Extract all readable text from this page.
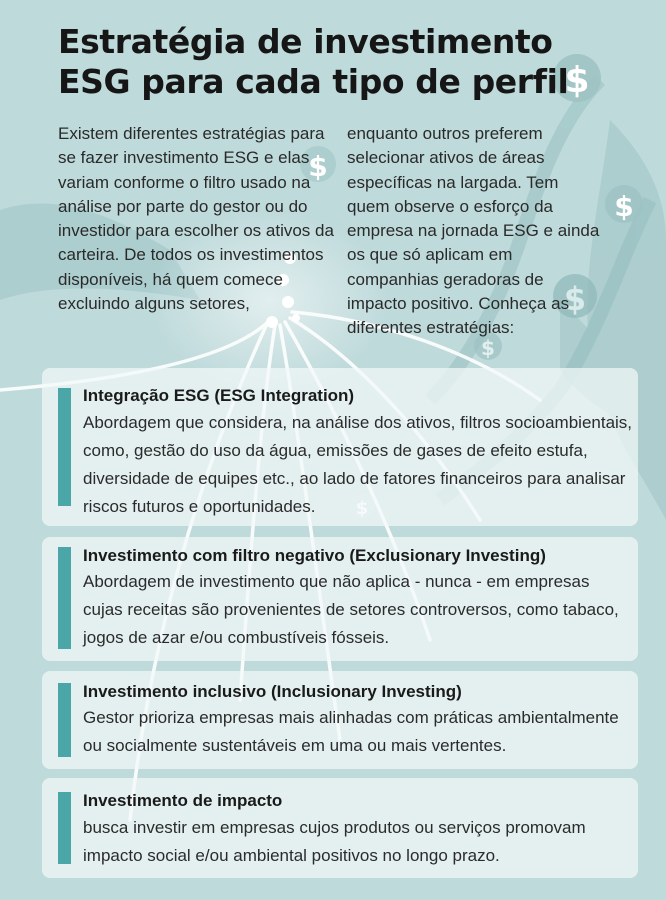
$
$
$
$
$
Estratégia de investimento ESG para cada tipo de perfil

Existem diferentes estratégias para se fazer investimento ESG e elas variam conforme o filtro usado na análise por parte do gestor ou do investidor para escolher os ativos da carteira. De todos os investimentos disponíveis, há quem comece excluindo alguns setores,

enquanto outros preferem selecionar ativos de áreas específicas na largada. Tem quem observe o esforço da empresa na jornada ESG e ainda os que só aplicam em companhias geradoras de impacto positivo. Conheça as diferentes estratégias:

Integração ESG (ESG Integration)

Abordagem que considera, na análise dos ativos, filtros socioambientais, como, gestão do uso da água, emissões de gases de efeito estufa, diversidade de equipes etc., ao lado de fatores financeiros para analisar riscos futuros e oportunidades.

Investimento com filtro negativo (Exclusionary Investing)

Abordagem de investimento que não aplica - nunca - em empresas cujas receitas são provenientes de setores controversos, como tabaco, jogos de azar e/ou combustíveis fósseis.

Investimento inclusivo (Inclusionary Investing)

Gestor prioriza empresas mais alinhadas com práticas ambientalmente ou socialmente sustentáveis em uma ou mais vertentes.

Investimento de impacto

busca investir em empresas cujos produtos ou serviços promovam impacto social e/ou ambiental positivos no longo prazo.
